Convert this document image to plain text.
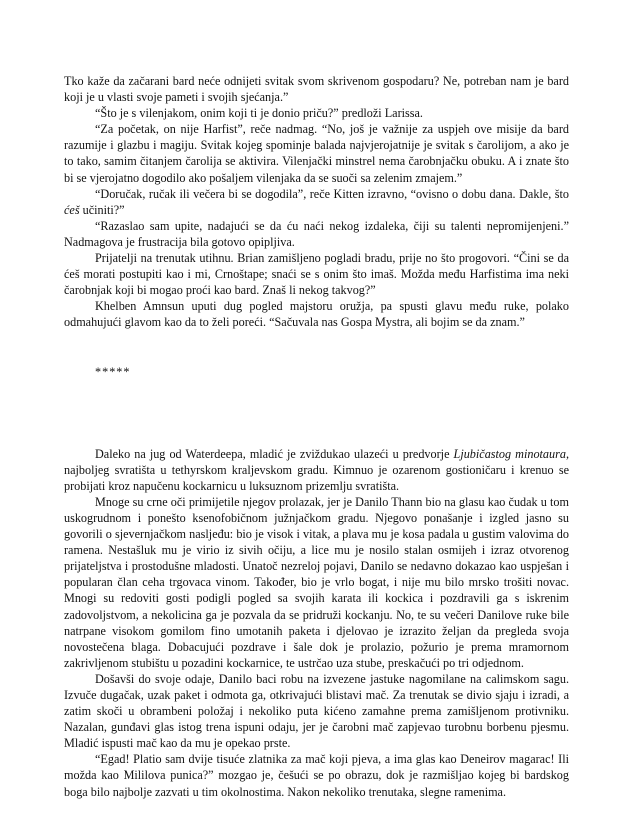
Tko kaže da začarani bard neće odnijeti svitak svom skrivenom gospodaru? Ne, potreban nam je bard koji je u vlasti svoje pameti i svojih sjećanja.”

“Što je s vilenjakom, onim koji ti je donio priču?” predloži Larissa.

“Za početak, on nije Harfist”, reče nadmag. “No, još je važnije za uspjeh ove misije da bard razumije i glazbu i magiju. Svitak kojeg spominje balada najvjerojatnije je svitak s čarolijom, a ako je to tako, samim čitanjem čarolija se aktivira. Vilenjački minstrel nema čarobnjačku obuku. A i znate što bi se vjerojatno dogodilo ako pošaljem vilenjaka da se suoči sa zelenim zmajem.”

“Doručak, ručak ili večera bi se dogodila”, reče Kitten izravno, “ovisno o dobu dana. Dakle, što ćeš učiniti?”

“Razaslao sam upite, nadajući se da ću naći nekog izdaleka, čiji su talenti nepromijenjeni.” Nadmagova je frustracija bila gotovo opipljiva.

Prijatelji na trenutak utihnu. Brian zamišljeno pogladi bradu, prije no što progovori. “Čini se da ćeš morati postupiti kao i mi, Crnoštape; snaći se s onim što imaš. Možda među Harfistima ima neki čarobnjak koji bi mogao proći kao bard. Znaš li nekog takvog?”

Khelben Amnsun uputi dug pogled majstoru oružja, pa spusti glavu među ruke, polako odmahujući glavom kao da to želi poreći. “Sačuvala nas Gospa Mystra, ali bojim se da znam.”

*****

Daleko na jug od Waterdeepa, mladić je zviždukao ulazeći u predvorje Ljubičastog minotaura, najboljeg svratišta u tethyrskom kraljevskom gradu. Kimnuo je ozarenom gostioničaru i krenuo se probijati kroz napučenu kockarnicu u luksuznom prizemlju svratišta.

Mnoge su crne oči primijetile njegov prolazak, jer je Danilo Thann bio na glasu kao čudak u tom uskogrudnom i ponešto ksenofobičnom južnjačkom gradu. Njegovo ponašanje i izgled jasno su govorili o sjevernjačkom nasljeđu: bio je visok i vitak, a plava mu je kosa padala u gustim valovima do ramena. Nestašluk mu je virio iz sivih očiju, a lice mu je nosilo stalan osmijeh i izraz otvorenog prijateljstva i prostodušne mladosti. Unatoč nezreloj pojavi, Danilo se nedavno dokazao kao uspješan i popularan član ceha trgovaca vinom. Također, bio je vrlo bogat, i nije mu bilo mrsko trošiti novac. Mnogi su redoviti gosti podigli pogled sa svojih karata ili kockica i pozdravili ga s iskrenim zadovoljstvom, a nekolicina ga je pozvala da se pridruži kockanju. No, te su večeri Danilove ruke bile natrpane visokom gomilom fino umotanih paketa i djelovao je izrazito željan da pregleda svoja novostečena blaga. Dobacujući pozdrave i šale dok je prolazio, požurio je prema mramornom zakrivljenom stubištu u pozadini kockarnice, te ustrčao uza stube, preskačući po tri odjednom.

Došavši do svoje odaje, Danilo baci robu na izvezene jastuke nagomilane na calimskom sagu. Izvuče dugačak, uzak paket i odmota ga, otkrivajući blistavi mač. Za trenutak se divio sjaju i izradi, a zatim skoči u obrambeni položaj i nekoliko puta kićeno zamahne prema zamišljenom protivniku. Nazalan, gunđavi glas istog trena ispuni odaju, jer je čarobni mač zapjevao turobnu borbenu pjesmu. Mladić ispusti mač kao da mu je opekao prste.

“Egad! Platio sam dvije tisuće zlatnika za mač koji pjeva, a ima glas kao Deneirov magarac! Ili možda kao Mililova punica?” mozgao je, češući se po obrazu, dok je razmišljao kojeg bi bardskog boga bilo najbolje zazvati u tim okolnostima. Nakon nekoliko trenutaka, slegne ramenima.
